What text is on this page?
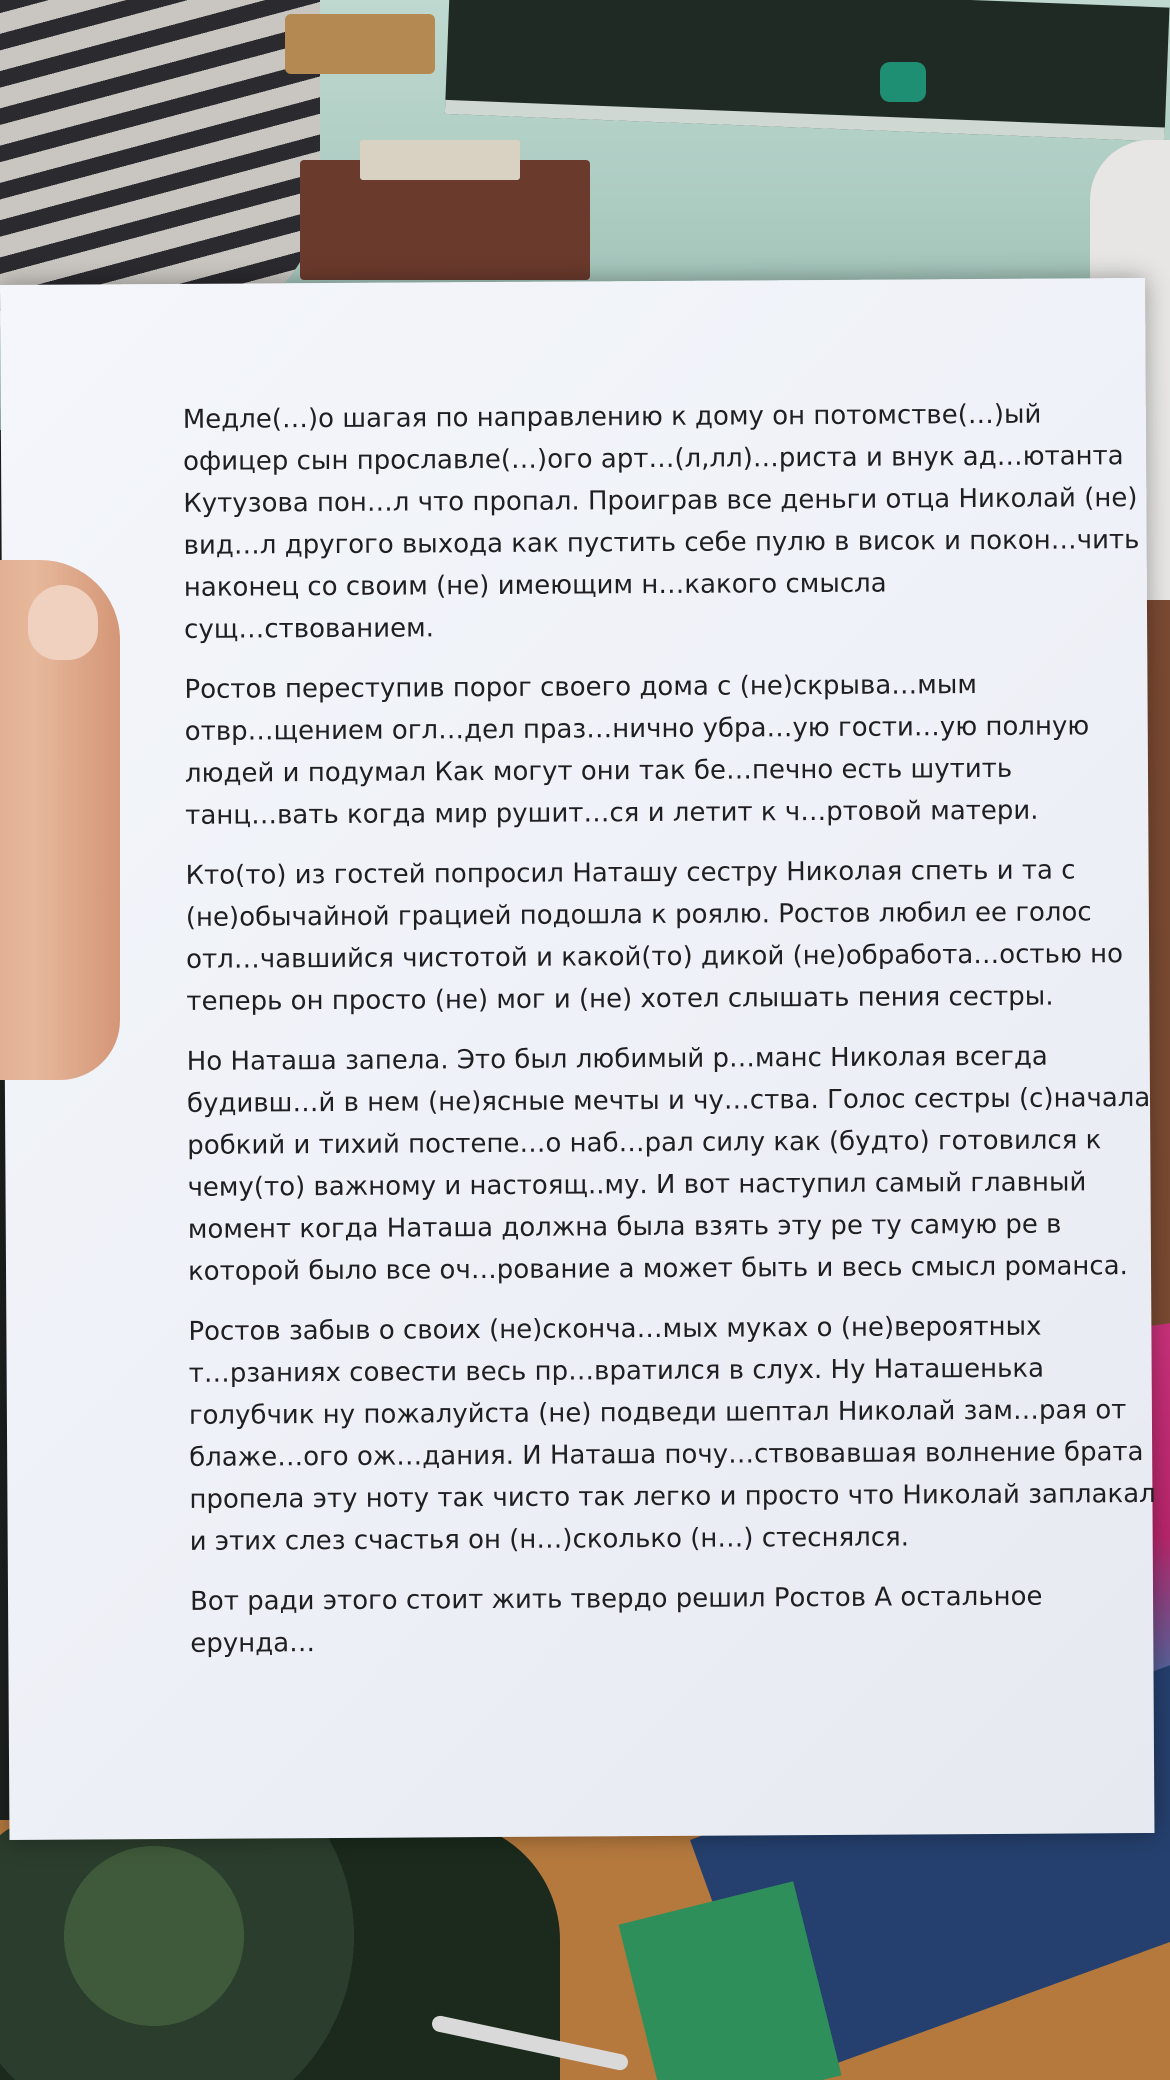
Медле(…)о шагая по направлению к дому он потомстве(…)ый
офицер сын прославле(…)ого арт…(л,лл)…риста и внук ад…ютанта
Кутузова пон…л что пропал. Проиграв все деньги отца Николай (не)
вид…л другого выхода как пустить себе пулю в висок и покон…чить
наконец со своим (не) имеющим н…какого смысла
сущ…ствованием.

Ростов переступив порог своего дома с (не)скрыва…мым
отвр…щением огл…дел праз…нично убра…ую гости…ую полную
людей и подумал Как могут они так бе…печно есть шутить
танц…вать когда мир рушит…ся и летит к ч…ртовой матери.

Кто(то) из гостей попросил Наташу сестру Николая спеть и та с
(не)обычайной грацией подошла к роялю. Ростов любил ее голос
отл…чавшийся чистотой и какой(то) дикой (не)обработа…остью но
теперь он просто (не) мог и (не) хотел слышать пения сестры.

Но Наташа запела. Это был любимый р…манс Николая всегда
будивш…й в нем (не)ясные мечты и чу…ства. Голос сестры (с)начала
робкий и тихий постепе…о наб…рал силу как (будто) готовился к
чему(то) важному и настоящ..му. И вот наступил самый главный
момент когда Наташа должна была взять эту ре ту самую ре в
которой было все оч…рование а может быть и весь смысл романса.

Ростов забыв о своих (не)сконча…мых муках о (не)вероятных
т…рзаниях совести весь пр…вратился в слух. Ну Наташенька
голубчик ну пожалуйста (не) подведи шептал Николай зам…рая от
блаже…ого ож…дания. И Наташа почу…ствовавшая волнение брата
пропела эту ноту так чисто так легко и просто что Николай заплакал
и этих слез счастья он (н…)сколько (н…) стеснялся.

Вот ради этого стоит жить твердо решил Ростов А остальное
ерунда…
